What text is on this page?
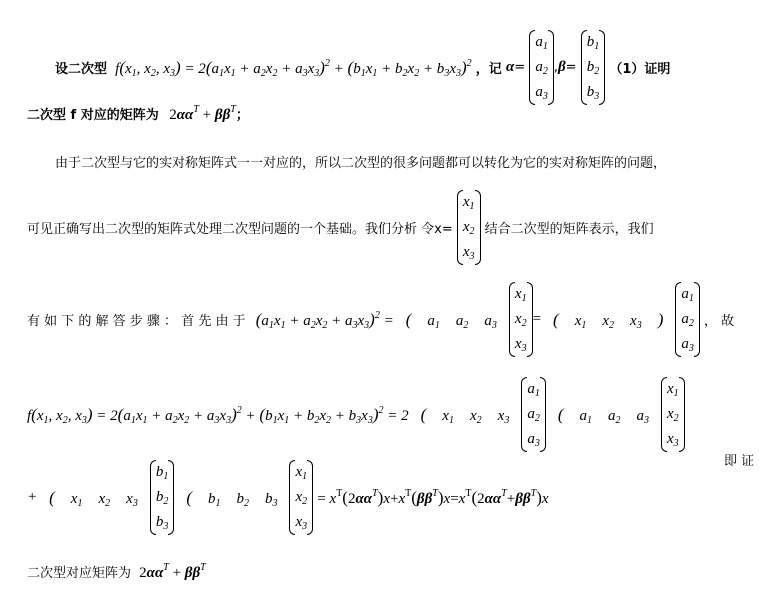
设二次型 $f(x_1$, $x_2$, $x_3) = 2(a_1x_1 + a_2x_2 + a_3x_3)^2 + (b_1x_1 + b_2x_2 + b_3x_3)^2$ ，记 α=
$a_1$
$a_2$
$a_3$
,β=
$b_1$
$b_2$
$b_3$
（1）证明
二次型 f 对应的矩阵为 $2\alpha\alpha^T + \beta\beta^T$；
由于二次型与它的实对称矩阵式一一对应的，所以二次型的很多问题都可以转化为它的实对称矩阵的问题，
可见正确写出二次型的矩阵式处理二次型问题的一个基础。我们分析 令x=
$x_1$
$x_2$
$x_3$
结合二次型的矩阵表示，我们
有 如 下 的 解 答 步 骤 ： 首 先 由 于 $(a_1x_1 + a_2x_2 + a_3x_3)^2$ = ( $a_1$ $a_2$ $a_3$
$x_1$
$x_2$
$x_3$
= ( $x_1$ $x_2$ $x_3$ )
$a_1$
$a_2$
$a_3$
， 故
$f(x_1$, $x_2$, $x_3) = 2(a_1x_1 + a_2x_2 + a_3x_3)^2 + (b_1x_1 + b_2x_2 + b_3x_3)^2 = 2$ ( $x_1$ $x_2$ $x_3$
$a_1$
$a_2$
$a_3$
( $a_1$ $a_2$ $a_3$
$x_1$
$x_2$
$x_3$
即 证
+ ( $x_1$ $x_2$ $x_3$
$b_1$
$b_2$
$b_3$
( $b_1$ $b_2$ $b_3$
$x_1$
$x_2$
$x_3$
= $x^T(2\alpha\alpha^T)x+x^T(\beta\beta^T)x=x^T(2\alpha\alpha^T+\beta\beta^T)x$
二次型对应矩阵为 $2\alpha\alpha^T + \beta\beta^T$
